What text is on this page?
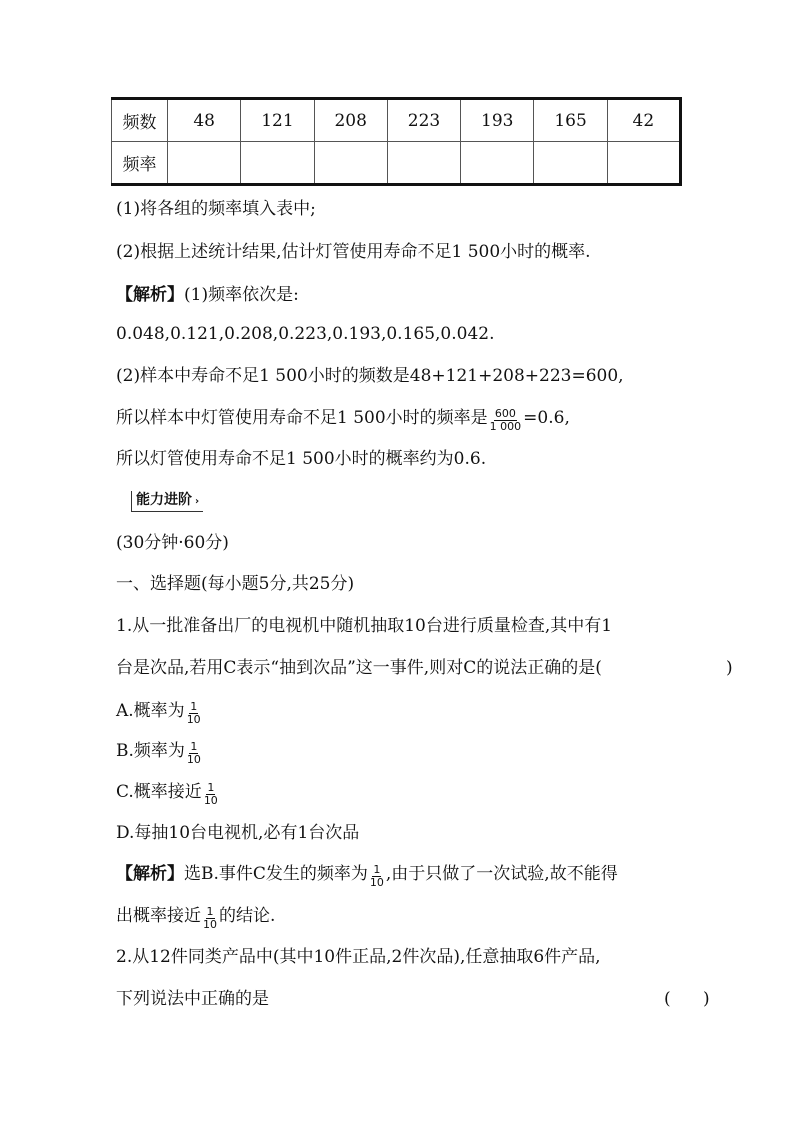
频数	48	121	208	223	193	165	42
频率							
(1)将各组的频率填入表中;
(2)根据上述统计结果,估计灯管使用寿命不足1 500小时的概率.
【解析】(1)频率依次是:
0.048,0.121,0.208,0.223,0.193,0.165,0.042.
(2)样本中寿命不足1 500小时的频数是48+121+208+223=600,
所以样本中灯管使用寿命不足1 500小时的频率是 $\frac{600}{1 000} =0.6$,
所以灯管使用寿命不足1 500小时的概率约为0.6.
能力进阶 ›
(30分钟·60分)
一、选择题(每小题5分,共25分)
1.从一批准备出厂的电视机中随机抽取10台进行质量检查,其中有1
台是次品,若用C表示“抽到次品”这一事件,则对C的说法正确的是(	)
A.概率为 $\frac{1}{10}$
B.频率为 $\frac{1}{10}$
C.概率接近 $\frac{1}{10}$
D.每抽10台电视机,必有1台次品
【解析】选B.事件C发生的频率为 $\frac{1}{10}$ ,由于只做了一次试验,故不能得
出概率接近 $\frac{1}{10}$ 的结论.
2.从12件同类产品中(其中10件正品,2件次品),任意抽取6件产品,
下列说法中正确的是	(      )
